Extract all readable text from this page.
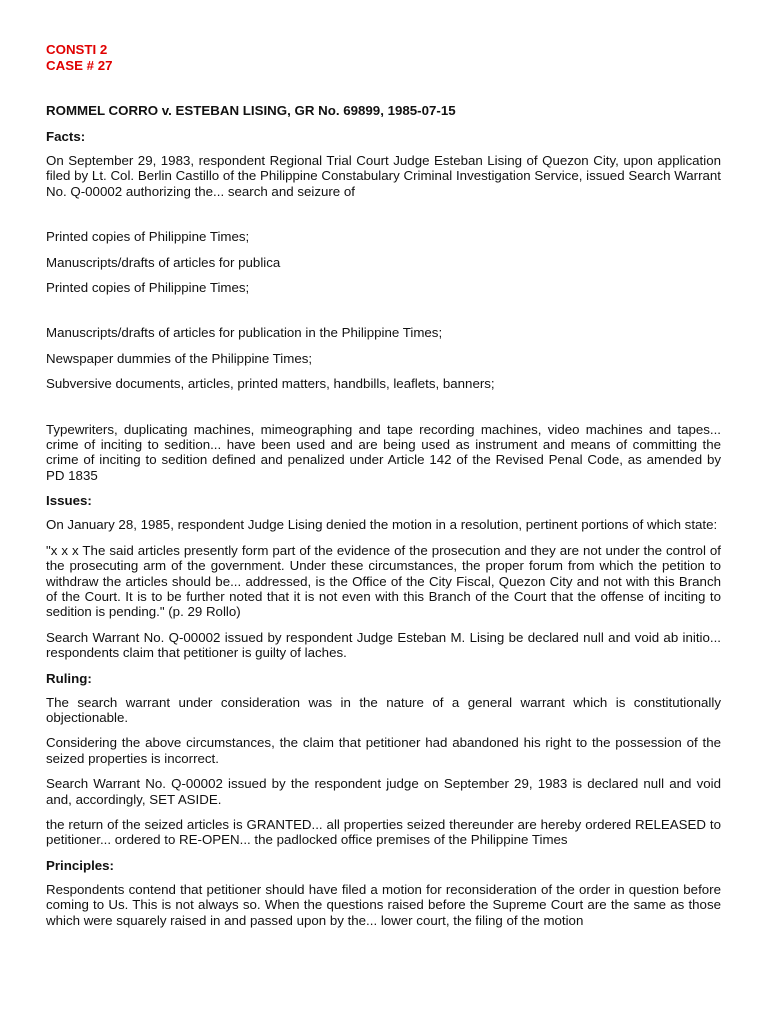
CONSTI 2
CASE # 27
ROMMEL CORRO v. ESTEBAN LISING, GR No. 69899, 1985-07-15
Facts:

On September 29, 1983, respondent Regional Trial Court Judge Esteban Lising of Quezon City, upon application filed by Lt. Col. Berlin Castillo of the Philippine Constabulary Criminal Investigation Service, issued Search Warrant No. Q-00002 authorizing the... search and seizure of

Printed copies of Philippine Times;

Manuscripts/drafts of articles for publica

Printed copies of Philippine Times;

Manuscripts/drafts of articles for publication in the Philippine Times;

Newspaper dummies of the Philippine Times;

Subversive documents, articles, printed matters, handbills, leaflets, banners;

Typewriters, duplicating machines, mimeographing and tape recording machines, video machines and tapes... crime of inciting to sedition... have been used and are being used as instrument and means of committing the crime of inciting to sedition defined and penalized under Article 142 of the Revised Penal Code, as amended by PD 1835

Issues:

On January 28, 1985, respondent Judge Lising denied the motion in a resolution, pertinent portions of which state:

"x x x The said articles presently form part of the evidence of the prosecution and they are not under the control of the prosecuting arm of the government. Under these circumstances, the proper forum from which the petition to withdraw the articles should be... addressed, is the Office of the City Fiscal, Quezon City and not with this Branch of the Court. It is to be further noted that it is not even with this Branch of the Court that the offense of inciting to sedition is pending." (p. 29 Rollo)

Search Warrant No. Q-00002 issued by respondent Judge Esteban M. Lising be declared null and void ab initio... respondents claim that petitioner is guilty of laches.

Ruling:

The search warrant under consideration was in the nature of a general warrant which is constitutionally objectionable.

Considering the above circumstances, the claim that petitioner had abandoned his right to the possession of the seized properties is incorrect.

Search Warrant No. Q-00002 issued by the respondent judge on September 29, 1983 is declared null and void and, accordingly, SET ASIDE.

the return of the seized articles is GRANTED... all properties seized thereunder are hereby ordered RELEASED to petitioner... ordered to RE-OPEN... the padlocked office premises of the Philippine Times

Principles:

Respondents contend that petitioner should have filed a motion for reconsideration of the order in question before coming to Us. This is not always so. When the questions raised before the Supreme Court are the same as those which were squarely raised in and passed upon by the... lower court, the filing of the motion
